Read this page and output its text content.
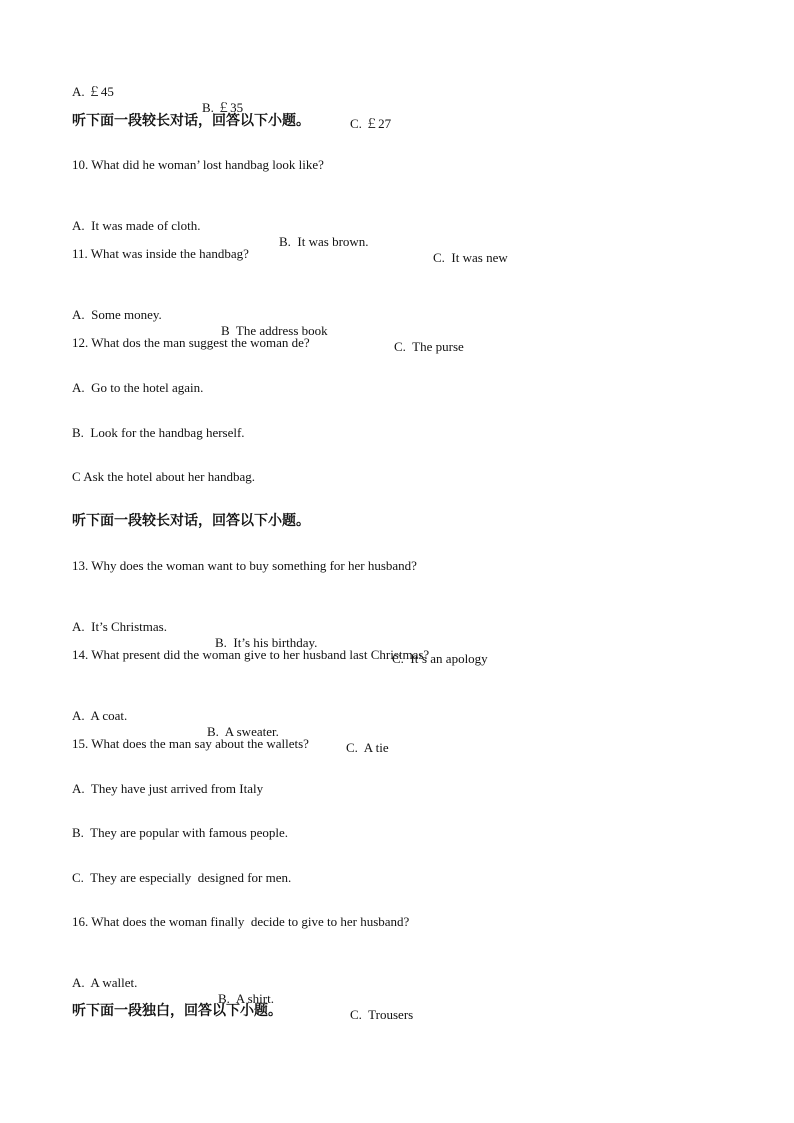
A. ￡45

B. ￡35

C. ￡27

听下面一段较长对话，回答以下小题。
10. What did he woman’ lost handbag look like?

A.  It was made of cloth.

B.  It was brown.

C.  It was new

11. What was inside the handbag?

A.  Some money.

B  The address book

C.  The purse

12. What dos the man suggest the woman de?
A.  Go to the hotel again.
B.  Look for the handbag herself.
C Ask the hotel about her handbag.
听下面一段较长对话，回答以下小题。
13. Why does the woman want to buy something for her husband?

A.  It’s Christmas.

B.  It’s his birthday.

C.  It’s an apology

14. What present did the woman give to her husband last Christmas?

A.  A coat.

B.  A sweater.

C.  A tie

15. What does the man say about the wallets?
A.  They have just arrived from Italy
B.  They are popular with famous people.
C.  They are especially  designed for men.
16. What does the woman finally  decide to give to her husband?

A.  A wallet.

B.  A shirt.

C.  Trousers

听下面一段独白，回答以下小题。
